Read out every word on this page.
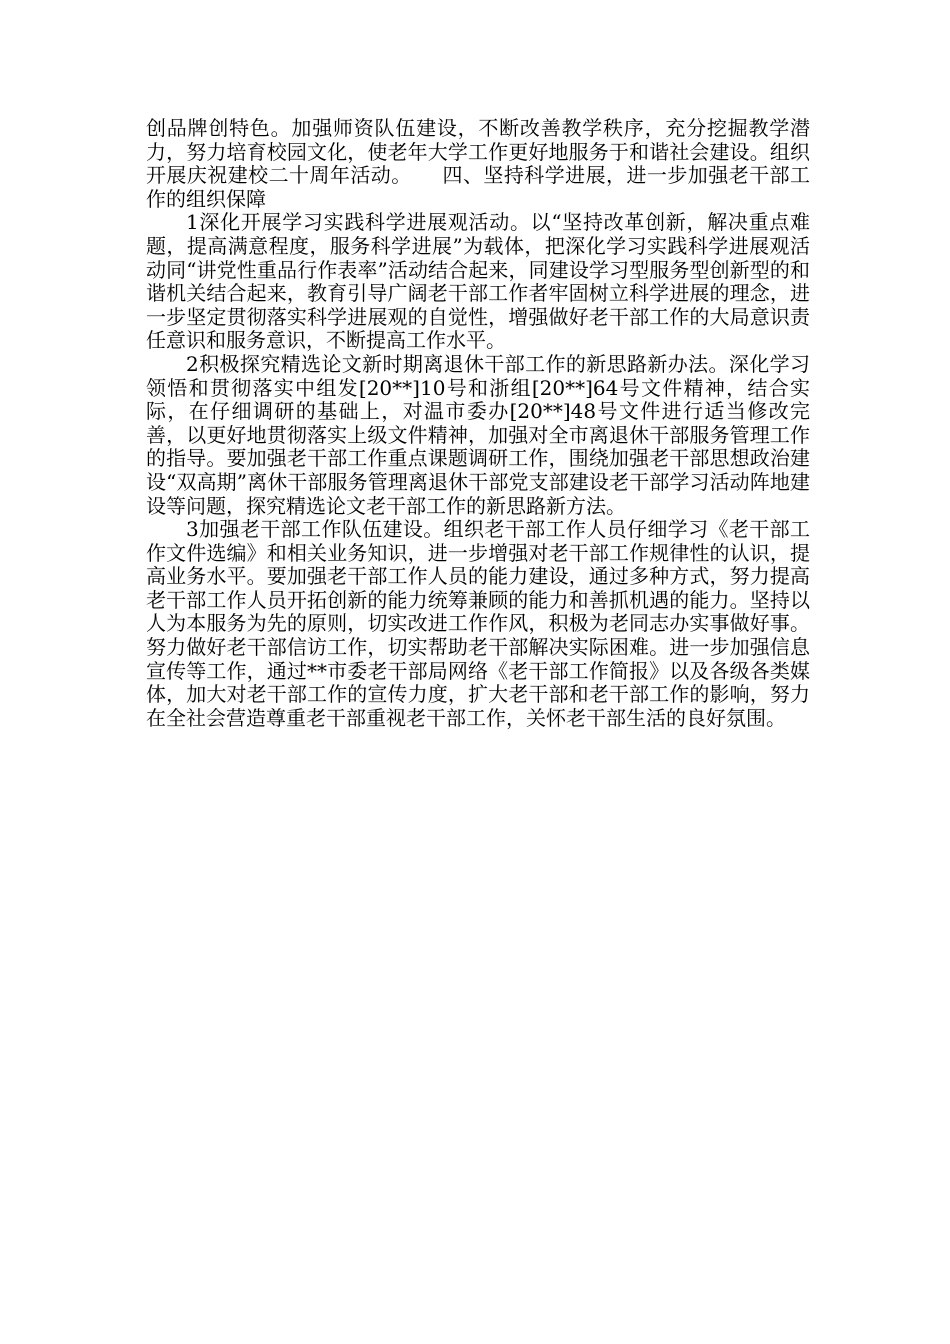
创品牌创特色。加强师资队伍建设，不断改善教学秩序，充分挖掘教学潜力，努力培育校园文化，使老年大学工作更好地服务于和谐社会建设。组织开展庆祝建校二十周年活动。　　四、坚持科学进展，进一步加强老干部工作的组织保障

1深化开展学习实践科学进展观活动。以“坚持改革创新，解决重点难题，提高满意程度，服务科学进展”为载体，把深化学习实践科学进展观活动同“讲党性重品行作表率”活动结合起来，同建设学习型服务型创新型的和谐机关结合起来，教育引导广阔老干部工作者牢固树立科学进展的理念，进一步坚定贯彻落实科学进展观的自觉性，增强做好老干部工作的大局意识责任意识和服务意识，不断提高工作水平。

2积极探究精选论文新时期离退休干部工作的新思路新办法。深化学习领悟和贯彻落实中组发[20**]10号和浙组[20**]64号文件精神，结合实际，在仔细调研的基础上，对温市委办[20**]48号文件进行适当修改完善，以更好地贯彻落实上级文件精神，加强对全市离退休干部服务管理工作的指导。要加强老干部工作重点课题调研工作，围绕加强老干部思想政治建设“双高期”离休干部服务管理离退休干部党支部建设老干部学习活动阵地建设等问题，探究精选论文老干部工作的新思路新方法。

3加强老干部工作队伍建设。组织老干部工作人员仔细学习《老干部工作文件选编》和相关业务知识，进一步增强对老干部工作规律性的认识，提高业务水平。要加强老干部工作人员的能力建设，通过多种方式，努力提高老干部工作人员开拓创新的能力统筹兼顾的能力和善抓机遇的能力。坚持以人为本服务为先的原则，切实改进工作作风，积极为老同志办实事做好事。努力做好老干部信访工作，切实帮助老干部解决实际困难。进一步加强信息宣传等工作，通过**市委老干部局网络《老干部工作简报》以及各级各类媒体，加大对老干部工作的宣传力度，扩大老干部和老干部工作的影响，努力在全社会营造尊重老干部重视老干部工作，关怀老干部生活的良好氛围。
